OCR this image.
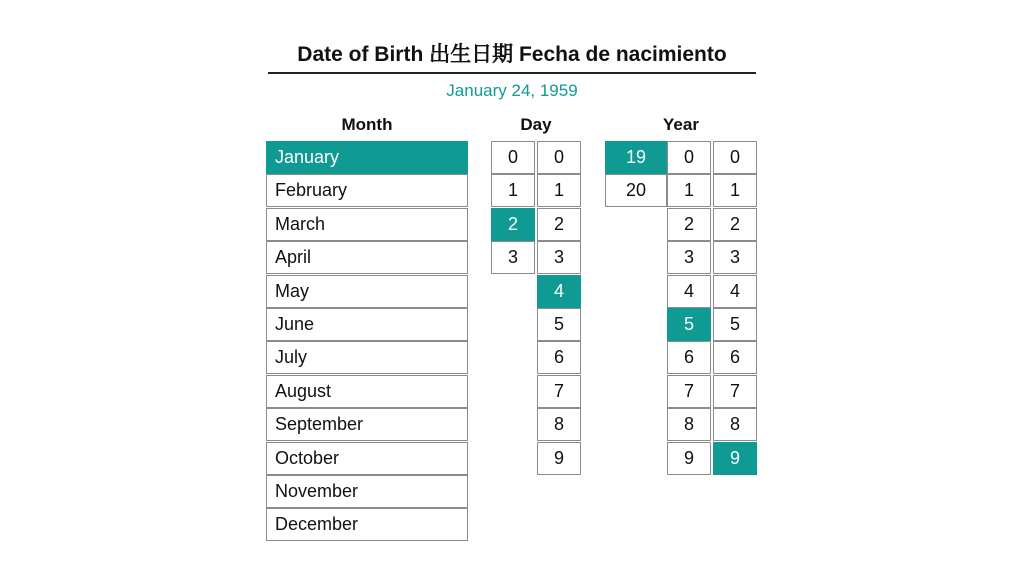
Date of Birth 出生日期 Fecha de nacimiento
January 24, 1959
Month	Day	Year
January
February
March
April
May
June
July
August
September
October
November
December
0
1
2
3
0
1
2
3
4
5
6
7
8
9
19
20
0
1
2
3
4
5
6
7
8
9
0
1
2
3
4
5
6
7
8
9
